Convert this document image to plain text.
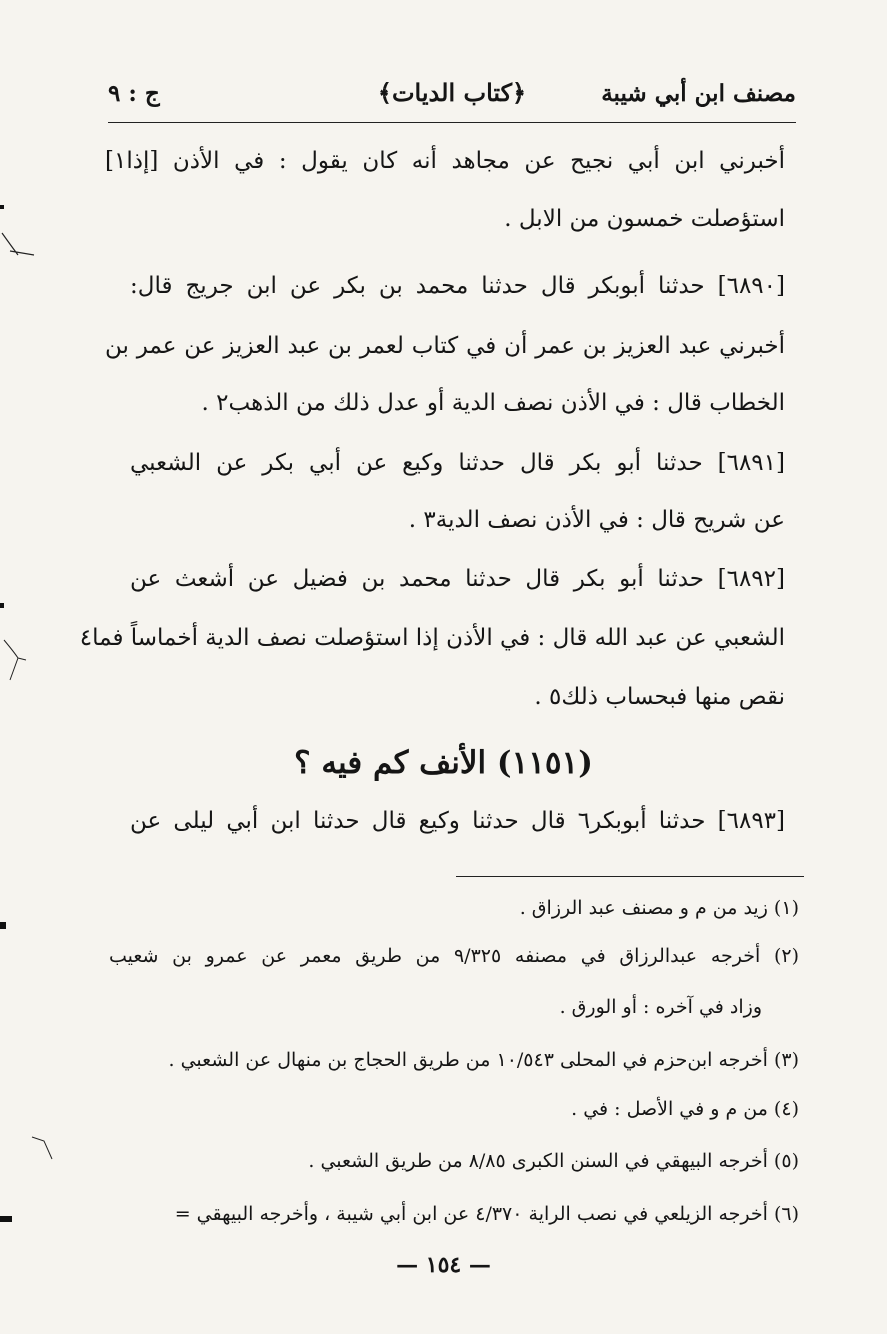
مصنف ابن أبي شيبة
﴿كتاب الديات﴾
ج : ٩
أخبرني ابن أبي نجيح عن مجاهد أنه كان يقول : في الأذن [إذا١]
استؤصلت خمسون من الابل .
[٦٨٩٠] حدثنا أبوبكر قال حدثنا محمد بن بكر عن ابن جريج قال:
أخبرني عبد العزيز بن عمر أن في كتاب لعمر بن عبد العزيز عن عمر بن
الخطاب قال : في الأذن نصف الدية أو عدل ذلك من الذهب٢ .
[٦٨٩١] حدثنا أبو بكر قال حدثنا وكيع عن أبي بكر عن الشعبي
عن شريح قال : في الأذن نصف الدية٣ .
[٦٨٩٢] حدثنا أبو بكر قال حدثنا محمد بن فضيل عن أشعث عن
الشعبي عن عبد الله قال : في الأذن إذا استؤصلت نصف الدية أخماساً فما٤
نقص منها فبحساب ذلك٥ .
(١١٥١) الأنف كم فيه ؟
[٦٨٩٣] حدثنا أبوبكر٦ قال حدثنا وكيع قال حدثنا ابن أبي ليلى عن
(١) زيد من م و مصنف عبد الرزاق .
(٢) أخرجه عبدالرزاق في مصنفه ٩/٣٢٥ من طريق معمر عن عمرو بن شعيب
وزاد في آخره : أو الورق .
(٣) أخرجه ابن‌حزم في المحلى ١٠/٥٤٣ من طريق الحجاج بن منهال عن الشعبي .
(٤) من م و في الأصل : في .
(٥) أخرجه البيهقي في السنن الكبرى ٨/٨٥ من طريق الشعبي .
(٦) أخرجه الزيلعي في نصب الراية ٤/٣٧٠ عن ابن أبي شيبة ، وأخرجه البيهقي =
— ١٥٤ —
